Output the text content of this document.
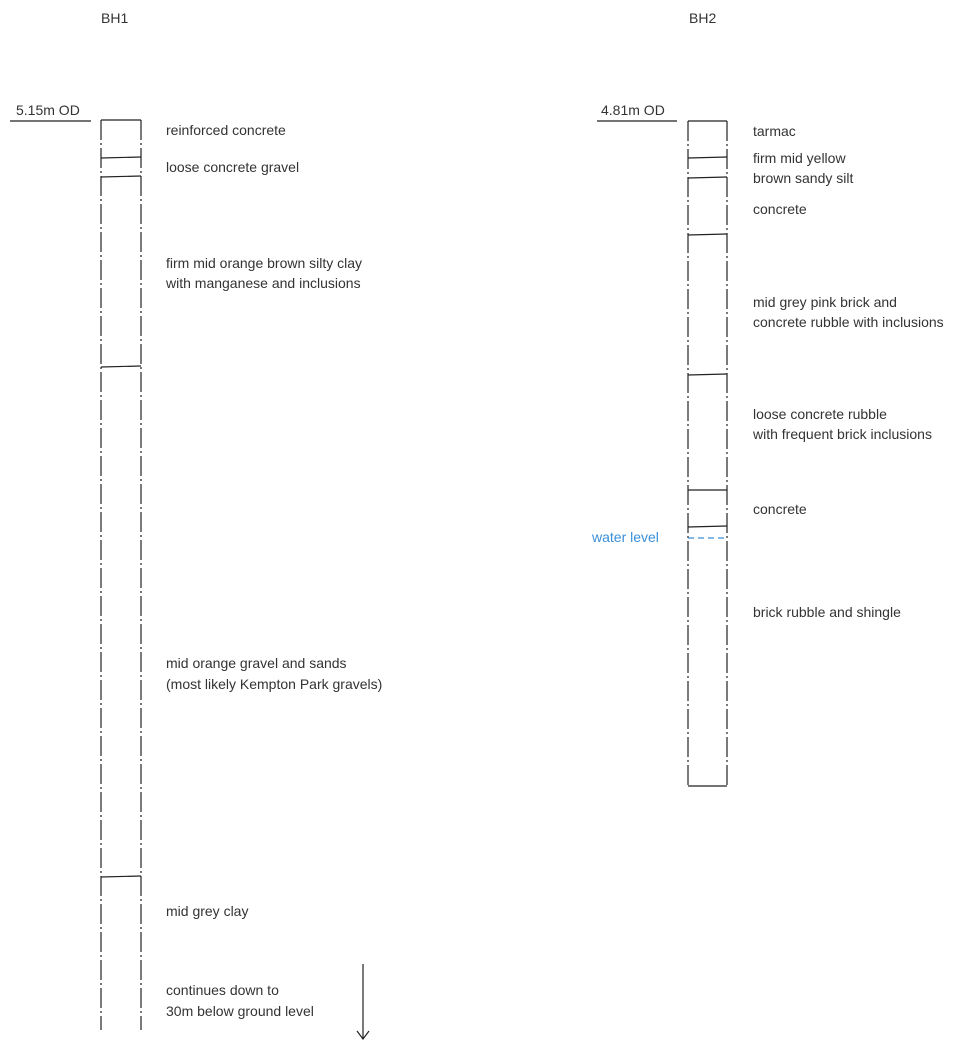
BH1	BH2
5.15m OD	4.81m OD
water level
reinforced concrete
loose concrete gravel
firm mid orange brown silty clay
with manganese and inclusions
mid orange gravel and sands
(most likely Kempton Park gravels)
mid grey clay
continues down to
30m below ground level
tarmac
firm mid yellow
brown sandy silt
concrete
mid grey pink brick and
concrete rubble with inclusions
loose concrete rubble
with frequent brick inclusions
concrete
brick rubble and shingle
